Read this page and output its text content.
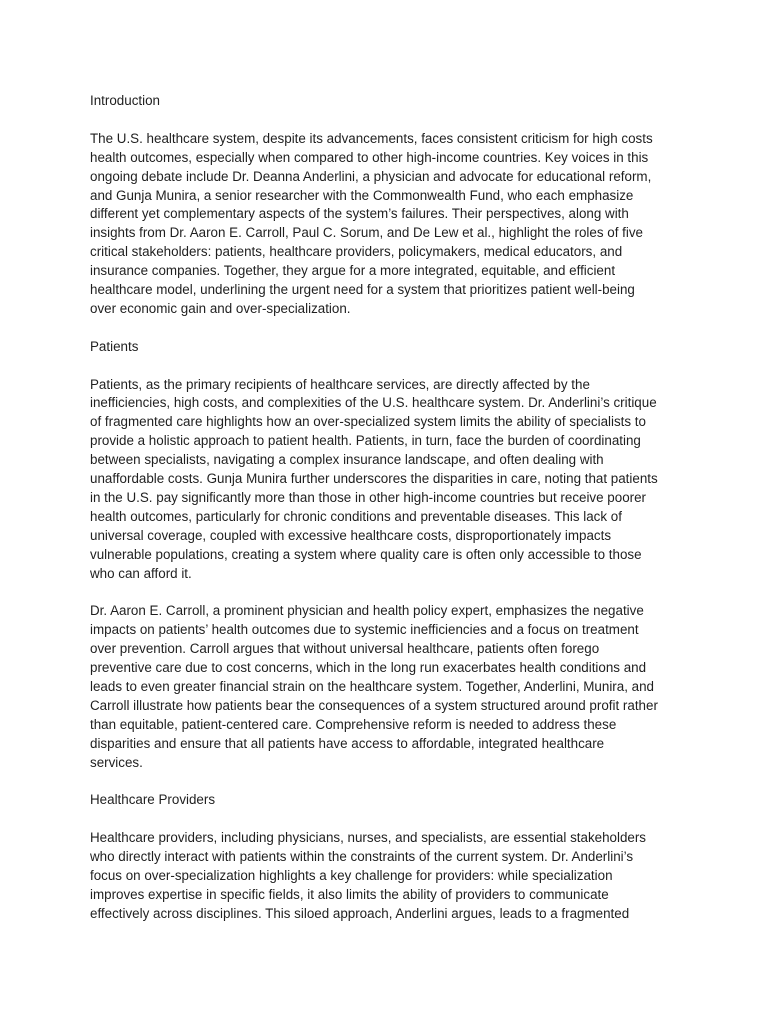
Introduction

The U.S. healthcare system, despite its advancements, faces consistent criticism for high costs
health outcomes, especially when compared to other high-income countries. Key voices in this
ongoing debate include Dr. Deanna Anderlini, a physician and advocate for educational reform,
and Gunja Munira, a senior researcher with the Commonwealth Fund, who each emphasize
different yet complementary aspects of the system’s failures. Their perspectives, along with
insights from Dr. Aaron E. Carroll, Paul C. Sorum, and De Lew et al., highlight the roles of five
critical stakeholders: patients, healthcare providers, policymakers, medical educators, and
insurance companies. Together, they argue for a more integrated, equitable, and efficient
healthcare model, underlining the urgent need for a system that prioritizes patient well-being
over economic gain and over-specialization.

Patients

Patients, as the primary recipients of healthcare services, are directly affected by the
inefficiencies, high costs, and complexities of the U.S. healthcare system. Dr. Anderlini’s critique
of fragmented care highlights how an over-specialized system limits the ability of specialists to
provide a holistic approach to patient health. Patients, in turn, face the burden of coordinating
between specialists, navigating a complex insurance landscape, and often dealing with
unaffordable costs. Gunja Munira further underscores the disparities in care, noting that patients
in the U.S. pay significantly more than those in other high-income countries but receive poorer
health outcomes, particularly for chronic conditions and preventable diseases. This lack of
universal coverage, coupled with excessive healthcare costs, disproportionately impacts
vulnerable populations, creating a system where quality care is often only accessible to those
who can afford it.

Dr. Aaron E. Carroll, a prominent physician and health policy expert, emphasizes the negative
impacts on patients’ health outcomes due to systemic inefficiencies and a focus on treatment
over prevention. Carroll argues that without universal healthcare, patients often forego
preventive care due to cost concerns, which in the long run exacerbates health conditions and
leads to even greater financial strain on the healthcare system. Together, Anderlini, Munira, and
Carroll illustrate how patients bear the consequences of a system structured around profit rather
than equitable, patient-centered care. Comprehensive reform is needed to address these
disparities and ensure that all patients have access to affordable, integrated healthcare
services.

Healthcare Providers

Healthcare providers, including physicians, nurses, and specialists, are essential stakeholders
who directly interact with patients within the constraints of the current system. Dr. Anderlini’s
focus on over-specialization highlights a key challenge for providers: while specialization
improves expertise in specific fields, it also limits the ability of providers to communicate
effectively across disciplines. This siloed approach, Anderlini argues, leads to a fragmented
